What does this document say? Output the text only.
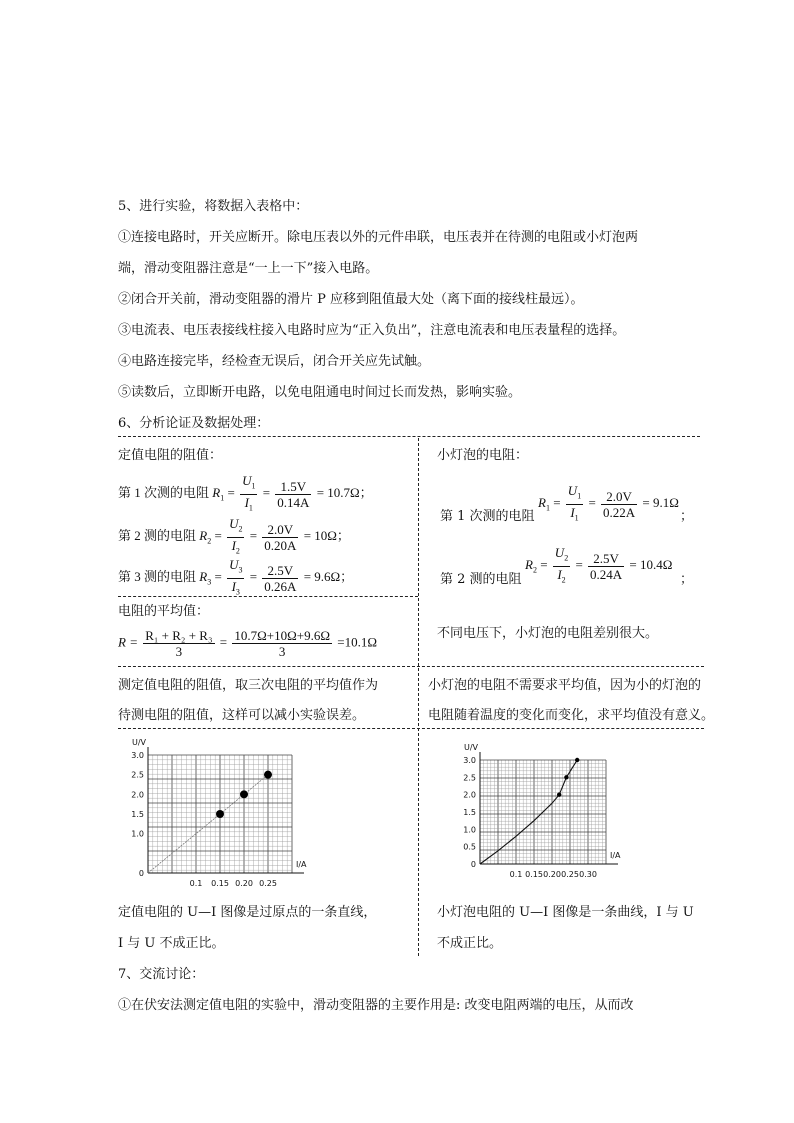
5、进行实验，将数据入表格中：
①连接电路时，开关应断开。除电压表以外的元件串联，电压表并在待测的电阻或小灯泡两
端，滑动变阻器注意是“一上一下”接入电路。
②闭合开关前，滑动变阻器的滑片 P 应移到阻值最大处（离下面的接线柱最远）。
③电流表、电压表接线柱接入电路时应为“正入负出”，注意电流表和电压表量程的选择。
④电路连接完毕，经检查无误后，闭合开关应先试触。
⑤读数后，立即断开电路，以免电阻通电时间过长而发热，影响实验。
6、分析论证及数据处理：
定值电阻的阻值：
第 1 次测的电阻 $R_1 = \frac{U_1}{I_1} = \frac{1.5V}{0.14A} = 10.7\Omega$；
第 2 测的电阻 $R_2 = \frac{U_2}{I_2} = \frac{2.0V}{0.20A} = 10\Omega$；
第 3 测的电阻 $R_3 = \frac{U_3}{I_3} = \frac{2.5V}{0.26A} = 9.6\Omega$；
小灯泡的电阻：
$R_1 = \frac{U_1}{I_1} = \frac{2.0V}{0.22A} = 9.1\Omega$
第 1 次测的电阻	；
$R_2 = \frac{U_2}{I_2} = \frac{2.5V}{0.24A} = 10.4\Omega$
第 2 测的电阻	；
电阻的平均值：
$R = \frac{\text{R₁ + R₂ + R₃}}{3} = \frac{10.7\Omega+10\Omega+9.6\Omega}{3} =10.1\Omega$
不同电压下，小灯泡的电阻差别很大。
测定值电阻的阻值，取三次电阻的平均值作为
待测电阻的阻值，这样可以减小实验误差。
小灯泡的电阻不需要求平均值，因为小的灯泡的
电阻随着温度的变化而变化，求平均值没有意义。
I/A
U/V
0.1 0.15 0.20 0.25
0
1.0
1.5
2.0
2.5
3.0
I/A
U/V
0.1 0.15 0.20 0.25 0.30
0
0.5
1.0
1.5
2.0
2.5
3.0
定值电阻的 U—I 图像是过原点的一条直线，
I 与 U 不成正比。
小灯泡电阻的 U—I 图像是一条曲线，I 与 U
不成正比。
7、交流讨论：
①在伏安法测定值电阻的实验中，滑动变阻器的主要作用是: 改变电阻两端的电压，从而改
